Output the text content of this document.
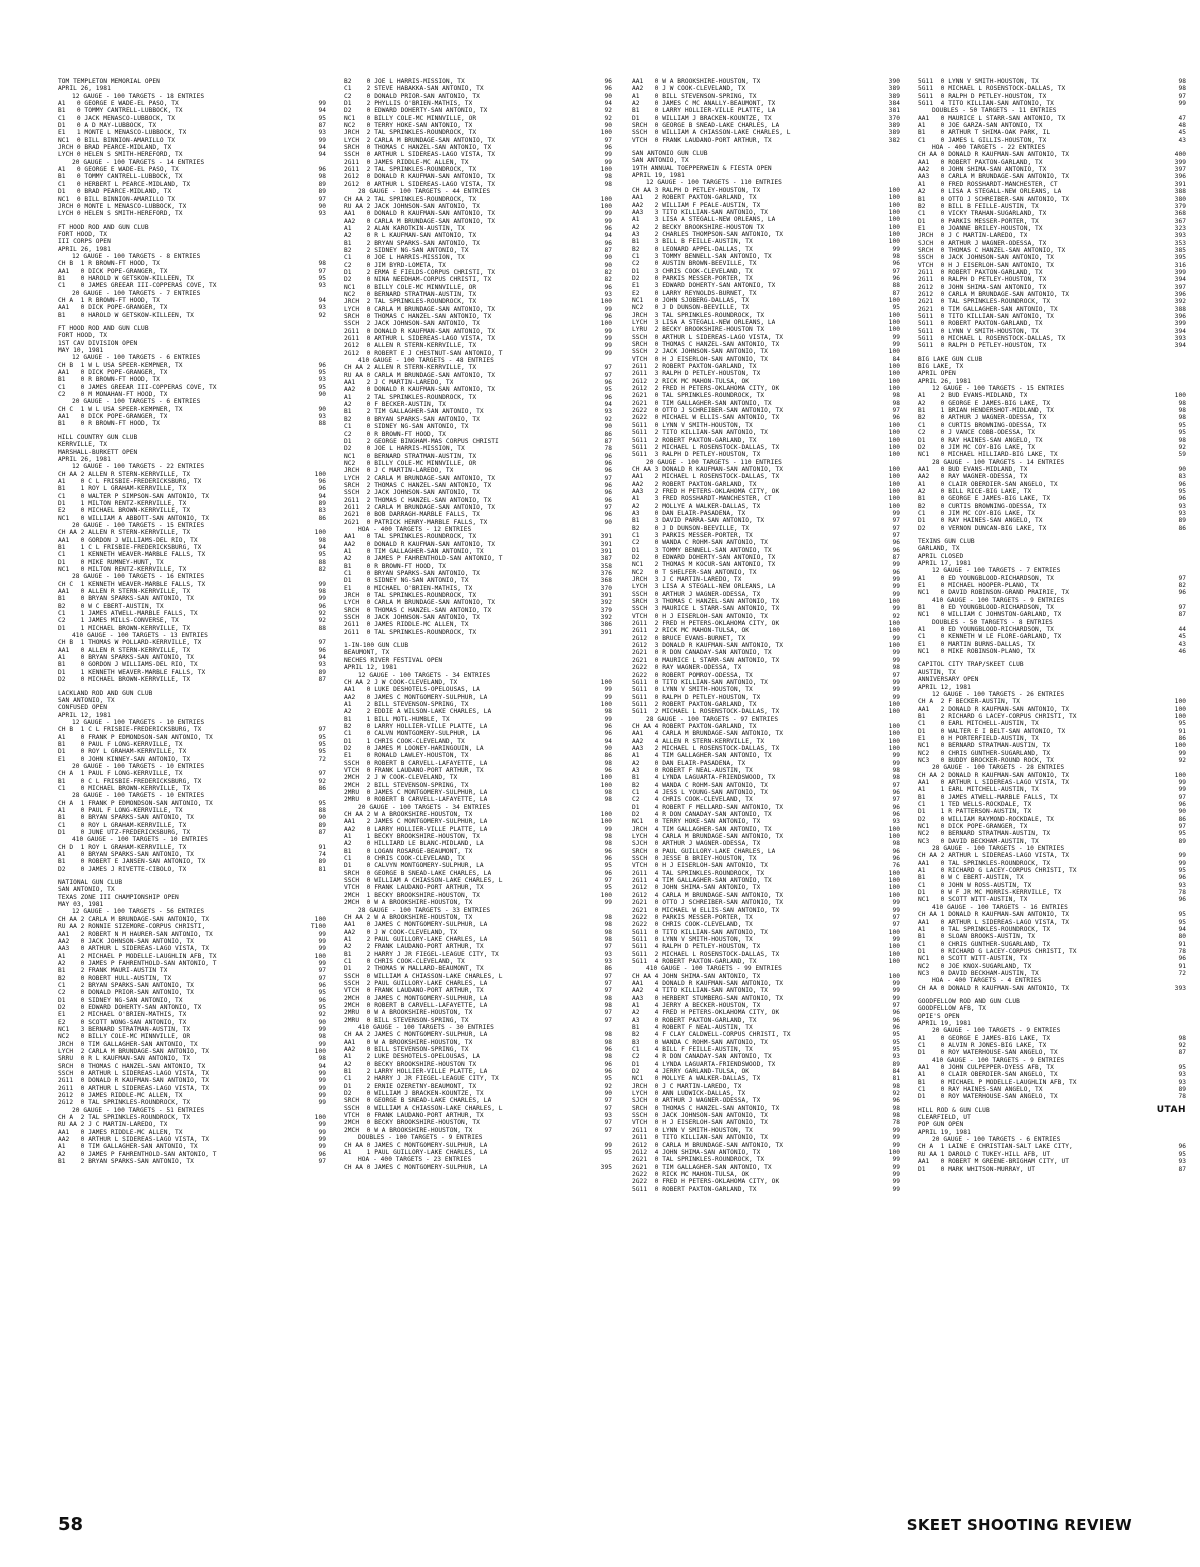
TOM TEMPLETON MEMORIAL OPEN
APRIL 26, 1981
12 GAUGE - 100 TARGETS - 18 ENTRIES
A1   0 GEORGE E WADE-EL PASO, TX	99
B1   0 TOMMY CANTRELL-LUBBOCK, TX	94
C1   0 JACK MENASCO-LUBBOCK, TX	95
D1   0 A D MAY-LUBBOCK, TX	87
E1   1 MONTE L MENASCO-LUBBOCK, TX	93
NC1  0 BILL BINNION-AMARILLO TX	99
JRCH 0 BRAD PEARCE-MIDLAND, TX	94
LYCH 0 HELEN S SMITH-HEREFORD, TX	94
20 GAUGE - 100 TARGETS - 14 ENTRIES
A1   0 GEORGE E WADE-EL PASO, TX	96
B1   0 TOMMY CANTRELL-LUBBOCK, TX	98
C1   0 HERBERT L PEARCE-MIDLAND, TX	89
D1   0 BRAD PEARCE-MIDLAND, TX	89
NC1  0 BILL BINNION-AMARILLO TX	97
JRCH 0 MONTE L MENASCO-LUBBOCK, TX	90
LYCH 0 HELEN S SMITH-HEREFORD, TX	93
FT HOOD ROD AND GUN CLUB
FORT HOOD, TX
III CORPS OPEN
APRIL 26, 1981
12 GAUGE - 100 TARGETS - 8 ENTRIES
CH B  1 R BROWN-FT HOOD, TX	98
AA1   0 DICK POPE-GRANGER, TX	97
B1    0 HAROLD W GETSKOW-KILLEEN, TX	95
C1    0 JAMES GREEAR III-COPPERAS COVE, TX	93
20 GAUGE - 100 TARGETS - 7 ENTRIES
CH A  1 R BROWN-FT HOOD, TX	94
AA1   0 DICK POPE-GRANGER, TX	93
B1    0 HAROLD W GETSKOW-KILLEEN, TX	92
FT HOOD ROD AND GUN CLUB
FORT HOOD, TX
1ST CAV DIVISION OPEN
MAY 10, 1981
12 GAUGE - 100 TARGETS - 6 ENTRIES
CH B  1 W L USA SPEER-KEMPNER, TX	96
AA1   0 DICK POPE-GRANGER, TX	95
B1    0 R BROWN-FT HOOD, TX	93
C1    0 JAMES GREEAR III-COPPERAS COVE, TX	95
C2    0 M MONAHAN-FT HOOD, TX	90
20 GAUGE - 100 TARGETS - 6 ENTRIES
CH C  1 W L USA SPEER-KEMPNER, TX	90
AA1   0 DICK POPE-GRANGER, TX	93
B1    0 R BROWN-FT HOOD, TX	88
HILL COUNTRY GUN CLUB
KERRVILLE, TX
MARSHALL-BURKETT OPEN
APRIL 26, 1981
12 GAUGE - 100 TARGETS - 22 ENTRIES
CH AA 2 ALLEN R STERN-KERRVILLE, TX	100
A1    0 C L FRISBIE-FREDERICKSBURG, TX	96
B1    1 ROY L GRAHAM-KERRVILLE, TX	96
C1    0 WALTER P SIMPSON-SAN ANTONIO, TX	94
D1    1 MILTON RENTZ-KERRVILLE, TX	89
E2    0 MICHAEL BROWN-KERRVILLE, TX	83
NC1   0 WILLIAM A ABBOTT-SAN ANTONIO, TX	86
20 GAUGE - 100 TARGETS - 15 ENTRIES
CH AA 2 ALLEN R STERN-KERRVILLE, TX	100
AA1   0 GORDON J WILLIAMS-DEL RIO, TX	98
B1    1 C L FRISBIE-FREDERICKSBURG, TX	94
C1    1 KENNETH WEAVER-MARBLE FALLS, TX	95
D1    0 MIKE RUMNEY-HUNT, TX	88
NC1   0 MILTON RENTZ-KERRVILLE, TX	82
28 GAUGE - 100 TARGETS - 16 ENTRIES
CH C  1 KENNETH WEAVER-MARBLE FALLS, TX	99
AA1   0 ALLEN R STERN-KERRVILLE, TX	98
B1    0 BRYAN SPARKS-SAN ANTONIO, TX	99
B2    0 W C EBERT-AUSTIN, TX	96
C1    1 JAMES ATWELL-MARBLE FALLS, TX	92
C2    1 JAMES MILLS-CONVERSE, TX	92
D1    1 MICHAEL BROWN-KERRVILLE, TX	88
410 GAUGE - 100 TARGETS - 13 ENTRIES
CH B  1 THOMAS W POLLARD-KERRVILLE, TX	97
AA1   0 ALLEN R STERN-KERRVILLE, TX	96
A1    0 BRYAN SPARKS-SAN ANTONIO, TX	94
B1    0 GORDON J WILLIAMS-DEL RIO, TX	93
D1    1 KENNETH WEAVER-MARBLE FALLS, TX	89
D2    0 MICHAEL BROWN-KERRVILLE, TX	87
LACKLAND ROD AND GUN CLUB
SAN ANTONIO, TX
CONFUSED OPEN
APRIL 12, 1981
12 GAUGE - 100 TARGETS - 10 ENTRIES
CH B  1 C L FRISBIE-FREDERICKSBURG, TX	97
A1    0 FRANK P EDMONDSON-SAN ANTONIO, TX	95
B1    0 PAUL F LONG-KERRVILLE, TX	95
D1    0 ROY L GRAHAM-KERRVILLE, TX	95
E1    0 JOHN KINNEY-SAN ANTONIO, TX	72
20 GAUGE - 100 TARGETS - 10 ENTRIES
CH A  1 PAUL F LONG-KERRVILLE, TX	97
B1    0 C L FRISBIE-FREDERICKSBURG, TX	92
C1    0 MICHAEL BROWN-KERRVILLE, TX	86
28 GAUGE - 100 TARGETS - 10 ENTRIES
CH A  1 FRANK P EDMONDSON-SAN ANTONIO, TX	95
A1    0 PAUL F LONG-KERRVILLE, TX	88
B1    0 BRYAN SPARKS-SAN ANTONIO, TX	90
C1    0 ROY L GRAHAM-KERRVILLE, TX	89
D1    0 JUNE UTZ-FREDERICKSBURG, TX	87
410 GAUGE - 100 TARGETS - 10 ENTRIES
CH D  1 ROY L GRAHAM-KERRVILLE, TX	91
A1    0 BRYAN SPARKS-SAN ANTONIO, TX	74
B1    0 ROBERT E JANSEN-SAN ANTONIO, TX	89
D2    0 JAMES J RIVETTE-CIBOLO, TX	81
NATIONAL GUN CLUB
SAN ANTONIO, TX
TEXAS ZONE III CHAMPIONSHIP OPEN
MAY 03, 1981
12 GAUGE - 100 TARGETS - 56 ENTRIES
CH AA 2 CARLA M BRUNDAGE-SAN ANTONIO, TX	100
RU AA 2 RONNIE SIZEMORE-CORPUS CHRISTI,	T100
AA1   2 ROBERT N M HAURER-SAN ANTONIO, TX	99
AA2   0 JACK JOHNSON-SAN ANTONIO, TX	99
AA3   0 ARTHUR L SIDEREAS-LAGO VISTA, TX	99
A1    2 MICHAEL P MODELLE-LAUGHLIN AFB, TX	100
A2    0 JAMES P FAHRENTHOLD-SAN ANTONIO, T	99
B1    2 FRANK MAURI-AUSTIN TX	97
B2    0 ROBERT HULL-AUSTIN, TX	97
C1    2 BRYAN SPARKS-SAN ANTONIO, TX	96
C2    0 DONALD PRIOR-SAN ANTONIO, TX	95
D1    0 SIDNEY NG-SAN ANTONIO, TX	96
D2    0 EDWARD DOHERTY-SAN ANTONIO, TX	95
E1    2 MICHAEL O'BRIEN-MATHIS, TX	92
E2    0 SCOTT WONG-SAN ANTONIO, TX	90
NC1   3 BERNARD STRATMAN-AUSTIN, TX	99
NC2   0 BILLY COLE-MC MINNVILLE, OR	98
JRCH  0 TIM GALLAGHER-SAN ANTONIO, TX	99
LYCH  2 CARLA M BRUNDAGE-SAN ANTONIO, TX	100
SRRU  0 R L KAUFMAN-SAN ANTONIO, TX	98
SRCH  0 THOMAS C HANZEL-SAN ANTONIO, TX	94
SSCH  0 ARTHUR L SIDEREAS-LAGO VISTA, TX	99
2G11  0 DONALD R KAUFMAN-SAN ANTONIO, TX	99
2G11  0 ARTHUR L SIDEREAS-LAGO VISTA, TX	99
2G12  0 JAMES RIDDLE-MC ALLEN, TX	99
2G12  0 TAL SPRINKLES-ROUNDROCK, TX	99
20 GAUGE - 100 TARGETS - 51 ENTRIES
CH A  2 TAL SPRINKLES-ROUNDROCK, TX	100
RU AA 2 J C MARTIN-LAREDO, TX	99
AA1   0 JAMES RIDDLE-MC ALLEN, TX	99
AA2   0 ARTHUR L SIDEREAS-LAGO VISTA, TX	99
A1    0 TIM GALLAGHER-SAN ANTONIO, TX	99
A2    0 JAMES P FAHRENTHOLD-SAN ANTONIO, T	96
B1    2 BRYAN SPARKS-SAN ANTONIO, TX	97
B2    0 JOE L HARRIS-MISSION, TX	96
C1    2 STEVE HABAKKA-SAN ANTONIO, TX	96
C2    0 DONALD PRIOR-SAN ANTONIO, TX	90
D1    2 PHYLLIS O'BRIEN-MATHIS, TX	94
D2    0 EDWARD DOHERTY-SAN ANTONIO, TX	92
NC1   0 BILLY COLE-MC MINNVILLE, OR	92
NC2   0 TERRY HOKE-SAN ANTONIO, TX	90
JRCH  2 TAL SPRINKLES-ROUNDROCK, TX	100
LYCH  2 CARLA M BRUNDAGE-SAN ANTONIO, TX	97
SRCH  0 THOMAS C HANZEL-SAN ANTONIO, TX	96
SSCH  0 ARTHUR L SIDEREAS-LAGO VISTA, TX	99
2G11  0 JAMES RIDDLE-MC ALLEN, TX	99
2G11  2 TAL SPRINKLES-ROUNDROCK, TX	100
2G12  0 DONALD R KAUFMAN-SAN ANTONIO, TX	98
2G12  0 ARTHUR L SIDEREAS-LAGO VISTA, TX	98
28 GAUGE - 100 TARGETS - 44 ENTRIES
CH AA 2 TAL SPRINKLES-ROUNDROCK, TX	100
RU AA 2 JACK JOHNSON-SAN ANTONIO, TX	100
AA1   0 DONALD R KAUFMAN-SAN ANTONIO, TX	99
AA2   0 CARLA M BRUNDAGE-SAN ANTONIO, TX	99
A1    2 ALAN KAROTKIN-AUSTIN, TX	96
A2    0 R L KAUFMAN-SAN ANTONIO, TX	94
B1    2 BRYAN SPARKS-SAN ANTONIO, TX	96
B2    2 SIDNEY NG-SAN ANTONIO, TX	87
C1    0 JOE L HARRIS-MISSION, TX	90
C2    0 JIM BYRD-LOMETA, TX	90
D1    2 ERMA E FIELDS-CORPUS CHRISTI, TX	82
D2    0 NINA NEEDHAM-CORPUS CHRISTI, TX	82
NC1   0 BILLY COLE-MC MINNVILLE, OR	96
NC2   0 BERNARD STRATMAN-AUSTIN, TX	93
JRCH  2 TAL SPRINKLES-ROUNDROCK, TX	100
LYCH  0 CARLA M BRUNDAGE-SAN ANTONIO, TX	99
SRCH  0 THOMAS C HANZEL-SAN ANTONIO, TX	96
SSCH  2 JACK JOHNSON-SAN ANTONIO, TX	100
2G11  0 DONALD R KAUFMAN-SAN ANTONIO, TX	99
2G11  0 ARTHUR L SIDEREAS-LAGO VISTA, TX	99
2G12  0 ALLEN R STERN-KERRVILLE, TX	99
2G12  0 ROBERT E J CHESTNUT-SAN ANTONIO, T	99
410 GAUGE - 100 TARGETS - 48 ENTRIES
CH AA 2 ALLEN R STERN-KERRVILLE, TX	97
RU AA 0 CARLA M BRUNDAGE-SAN ANTONIO, TX	97
AA1   2 J C MARTIN-LAREDO, TX	96
AA2   0 DONALD R KAUFMAN-SAN ANTONIO, TX	95
A1    2 TAL SPRINKLES-ROUNDROCK, TX	96
A2    0 F BECKER-AUSTIN, TX	94
B1    2 TIM GALLAGHER-SAN ANTONIO, TX	93
B2    0 BRYAN SPARKS-SAN ANTONIO, TX	92
C1    0 SIDNEY NG-SAN ANTONIO, TX	90
C2    0 R BROWN-FT HOOD, TX	86
D1    2 GEORGE BINGHAM-MAS CORPUS CHRISTI	87
D2    0 JOE L HARRIS-MISSION, TX	78
NC1   0 BERNARD STRATMAN-AUSTIN, TX	96
NC2   0 BILLY COLE-MC MINNVILLE, OR	96
JRCH  0 J C MARTIN-LAREDO, TX	96
LYCH  2 CARLA M BRUNDAGE-SAN ANTONIO, TX	97
SRCH  2 THOMAS C HANZEL-SAN ANTONIO, TX	96
SSCH  2 JACK JOHNSON-SAN ANTONIO, TX	96
2G11  2 THOMAS C HANZEL-SAN ANTONIO, TX	96
2G11  2 CARLA M BRUNDAGE-SAN ANTONIO, TX	97
2G21  0 BOB DARRAGH-MARBLE FALLS, TX	96
2G21  0 PATRICK HENRY-MARBLE FALLS, TX	90
HOA - 400 TARGETS - 12 ENTRIES
AA1   0 TAL SPRINKLES-ROUNDROCK, TX	391
AA2   0 DONALD R KAUFMAN-SAN ANTONIO, TX	391
A1    0 TIM GALLAGHER-SAN ANTONIO, TX	391
A2    0 JAMES P FAHRENTHOLD-SAN ANTONIO, T	387
B1    0 R BROWN-FT HOOD, TX	358
C1    0 BRYAN SPARKS-SAN ANTONIO, TX	376
D1    0 SIDNEY NG-SAN ANTONIO, TX	368
E1    0 MICHAEL O'BRIEN-MATHIS, TX	370
JRCH  0 TAL SPRINKLES-ROUNDROCK, TX	391
LYCH  0 CARLA M BRUNDAGE-SAN ANTONIO, TX	392
SRCH  0 THOMAS C HANZEL-SAN ANTONIO, TX	379
SSCH  0 JACK JOHNSON-SAN ANTONIO, TX	392
2G11  0 JAMES RIDDLE-MC ALLEN, TX	386
2G11  0 TAL SPRINKLES-ROUNDROCK, TX	391
1-IN-100 GUN CLUB
BEAUMONT, TX
NECHES RIVER FESTIVAL OPEN
APRIL 12, 1981
12 GAUGE - 100 TARGETS - 34 ENTRIES
CH AA 2 J W COOK-CLEVELAND, TX	100
AA1   0 LUKE DESHOTELS-OPELOUSAS, LA	99
AA2   0 JAMES C MONTGOMERY-SULPHUR, LA	99
A1    2 BILL STEVENSON-SPRING, TX	100
A2    2 EDDIE A WILSON-LAKE CHARLES, LA	98
B1    1 BILL MOTL-HUMBLE, TX	99
B2    0 LARRY HOLLIER-VILLE PLATTE, LA	96
C1    0 CALVN MONTGOMERY-SULPHUR, LA	96
D1    1 CHRIS COOK-CLEVELAND, TX	94
D2    0 JAMES M LOONEY-HARINGOUIN, LA	90
E1    0 RONALD LAWLEY-HOUSTON, TX	86
SSCH  0 ROBERT B CARVELL-LAFAYETTE, LA	98
VTCH  0 FRANK LAUDANO-PORT ARTHUR, TX	96
2MCH  2 J W COOK-CLEVELAND, TX	100
2MCH  2 BILL STEVENSON-SPRING, TX	100
2MRU  0 JAMES C MONTGOMERY-SULPHUR, LA	98
2MRU  0 ROBERT B CARVELL-LAFAYETTE, LA	98
20 GAUGE - 100 TARGETS - 34 ENTRIES
CH AA 2 W A BROOKSHIRE-HOUSTON, TX	100
AA1   2 JAMES C MONTGOMERY-SULPHUR, LA	100
AA2   0 LARRY HOLLIER-VILLE PLATTE, LA	99
A1    1 BECKY BROOKSHIRE-HOUSTON, TX	98
A2    0 HILLIARD LE BLANC-MIDLAND, LA	98
B1    0 LOGAN ROSARGE-BEAUMONT, TX	96
C1    0 CHRIS COOK-CLEVELAND, TX	96
D1    0 CALVYN MONTGOMERY-SULPHUR, LA	95
SRCH  0 GEORGE B SNEAD-LAKE CHARLES, LA	96
SSCH  0 WILLIAM A CHIASSON-LAKE CHARLES, L	97
VTCH  0 FRANK LAUDANO-PORT ARTHUR, TX	95
2MCH  1 BECKY BROOKSHIRE-HOUSTON, TX	100
2MCH  0 W A BROOKSHIRE-HOUSTON, TX	99
28 GAUGE - 100 TARGETS - 33 ENTRIES
CH AA 2 W A BROOKSHIRE-HOUSTON, TX	98
AA1   0 JAMES C MONTGOMERY-SULPHUR, LA	98
AA2   0 J W COOK-CLEVELAND, TX	98
A1    2 PAUL GUILLORY-LAKE CHARLES, LA	98
A2    2 FRANK LAUDANO-PORT ARTHUR, TX	97
B1    2 HARRY J JR FIEGEL-LEAGUE CITY, TX	93
C1    0 CHRIS COOK-CLEVELAND, TX	93
D1    2 THOMAS W MALLARD-BEAUMONT, TX	86
SSCH  0 WILLIAM A CHIASSON-LAKE CHARLES, L	97
SSCH  2 PAUL GUILLORY-LAKE CHARLES, LA	97
VTCH  0 FRANK LAUDANO-PORT ARTHUR, TX	97
2MCH  0 JAMES C MONTGOMERY-SULPHUR, LA	98
2MCH  0 ROBERT B CARVELL-LAFAYETTE, LA	98
2MRU  0 W A BROOKSHIRE-HOUSTON, TX	97
2MRU  0 BILL STEVENSON-SPRING, TX	97
410 GAUGE - 100 TARGETS - 30 ENTRIES
CH AA 2 JAMES C MONTGOMERY-SULPHUR, LA	98
AA1   0 W A BROOKSHIRE-HOUSTON, TX	98
AA2   0 BILL STEVENSON-SPRING, TX	96
A1    2 LUKE DESHOTELS-OPELOUSAS, LA	98
A2    0 BECKY BROOKSHIRE-HOUSTON TX	96
B1    2 LARRY HOLLIER-VILLE PLATTE, LA	96
C1    2 HARRY J JR FIEGEL-LEAGUE CITY, TX	95
D1    2 ERNIE OZERETNY-BEAUMONT, TX	92
D2    0 WILLIAM J BRACKEN-KOUNTZE, TX	90
SRCH  0 GEORGE B SNEAD-LAKE CHARLES, LA	97
SSCH  0 WILLIAM A CHIASSON-LAKE CHARLES, L	97
VTCH  0 FRANK LAUDANO-PORT ARTHUR, TX	93
2MCH  0 BECKY BROOKSHIRE-HOUSTON, TX	97
2MCH  0 W A BROOKSHIRE-HOUSTON, TX	97
DOUBLES - 100 TARGETS - 9 ENTRIES
CH AA 0 JAMES C MONTGOMERY-SULPHUR, LA	99
A1    1 PAUL GUILLORY-LAKE CHARLES, LA	95
HOA - 400 TARGETS - 23 ENTRIES
CH AA 0 JAMES C MONTGOMERY-SULPHUR, LA	395
AA1   0 W A BROOKSHIRE-HOUSTON, TX	390
AA2   0 J W COOK-CLEVELAND, TX	389
A1    0 BILL STEVENSON-SPRING, TX	389
A2    0 JAMES C MC ANALLY-BEAUMONT, TX	384
B1    0 LARRY HOLLIER-VILLE PLATTE, LA	381
D1    0 WILLIAM J BRACKEN-KOUNTZE, TX	370
SRCH  0 GEORGE B SNEAD-LAKE CHARLES, LA	389
SSCH  0 WILLIAM A CHIASSON-LAKE CHARLES, L	389
VTCH  0 FRANK LAUDANO-PORT ARTHUR, TX	382
SAN ANTONIO GUN CLUB
SAN ANTONIO, TX
19TH ANNUAL TOEPPERWEIN & FIESTA OPEN
APRIL 19, 1981
12 GAUGE - 100 TARGETS - 110 ENTRIES
CH AA 3 RALPH D PETLEY-HOUSTON, TX	100
AA1   2 ROBERT PAXTON-GARLAND, TX	100
AA2   2 WILLIAM F PEALE-AUSTIN, TX	100
AA3   3 TITO KILLIAN-SAN ANTONIO, TX	100
A1    3 LISA A STEGALL-NEW ORLEANS, LA	100
A2    2 BECKY BROOKSHIRE-HOUSTON TX	100
A3    2 CHARLES THOMPSON-SAN ANTONIO, TX	100
B1    3 BILL B FEILLE-AUSTIN, TX	100
B2    0 LEONARD APPEL-DALLAS, TX	99
C1    3 TOMMY BENNELL-SAN ANTONIO, TX	98
C2    0 AUSTIN BROWN-BEEVILLE, TX	96
D1    3 CHRIS COOK-CLEVELAND, TX	97
D2    0 PARKIS MESSER-PORTER, TX	96
E1    3 EDWARD DOHERTY-SAN ANTONIO, TX	88
E2    0 LARRY REYNOLDS-BURNET, TX	87
NC1   0 JOHN SJOBERG-DALLAS, TX	100
NC2   0 J D DUNSON-BEEVILLE, TX	95
JRCH  3 TAL SPRINKLES-ROUNDROCK, TX	100
LYCH  3 LISA A STEGALL-NEW ORLEANS, LA	100
LYRU  2 BECKY BROOKSHIRE-HOUSTON TX	100
SSCH  0 ARTHUR L SIDEREAS-LAGO VISTA, TX	99
SRCH  0 THOMAS C HANZEL-SAN ANTONIO, TX	99
SSCH  2 JACK JOHNSON-SAN ANTONIO, TX	100
VTCH  0 H J EISERLOH-SAN ANTONIO, TX	84
2G11  2 ROBERT PAXTON-GARLAND, TX	100
2G11  3 RALPH D PETLEY-HOUSTON, TX	100
2G12  2 RICK MC MAHON-TULSA, OK	100
2G12  2 FRED H PETERS-OKLAHOMA CITY, OK	100
2G21  0 TAL SPRINKLES-ROUNDROCK, TX	98
2G21  0 TIM GALLAGHER-SAN ANTONIO, TX	98
2G22  0 OTTO J SCHREIBER-SAN ANTONIO, TX	97
2G22  0 MICHAEL W ELLIS-SAN ANTONIO, TX	96
5G11  0 LYNN V SMITH-HOUSTON, TX	100
5G11  2 TITO KILLIAN-SAN ANTONIO, TX	100
5G11  2 ROBERT PAXTON-GARLAND, TX	100
5G11  2 MICHAEL L ROSENSTOCK-DALLAS, TX	100
5G11  3 RALPH D PETLEY-HOUSTON, TX	100
20 GAUGE - 100 TARGETS - 110 ENTRIES
CH AA 3 DONALD R KAUFMAN-SAN ANTONIO, TX	100
AA1   2 MICHAEL L ROSENSTOCK-DALLAS, TX	100
AA2   2 ROBERT PAXTON-GARLAND, TX	100
AA3   2 FRED H PETERS-OKLAHOMA CITY, OK	100
A1    3 FRED ROSSHARDT-MANCHESTER, CT	100
A2    2 MOLLYE A WALKER-DALLAS, TX	100
A3    0 DAN ELAIR-PASADENA, TX	99
B1    3 DAVID PARRA-SAN ANTONIO, TX	97
B2    0 J D DUNSON-BEEVILLE, TX	97
C1    3 PARKIS MESSER-PORTER, TX	97
C2    0 WANDA C ROHM-SAN ANTONIO, TX	96
D1    3 TOMMY BENNELL-SAN ANTONIO, TX	96
D2    0 EDWARD DOHERTY-SAN ANTONIO, TX	87
NC1   2 THOMAS M KOCUR-SAN ANTONIO, TX	99
NC2   0 T SHELFER-SAN ANTONIO, TX	96
JRCH  3 J C MARTIN-LAREDO, TX	99
LYCH  3 LISA A STEGALL-NEW ORLEANS, LA	99
SSCH  0 ARTHUR J WAGNER-ODESSA, TX	99
SRCH  3 THOMAS C HANZEL-SAN ANTONIO, TX	100
SSCH  3 MAURICE L STARR-SAN ANTONIO, TX	99
VTCH  0 H J EISERLOH-SAN ANTONIO, TX	92
2G11  2 FRED H PETERS-OKLAHOMA CITY, OK	100
2G11  2 RICK MC MAHON-TULSA, OK	100
2G12  0 BRUCE EVANS-BURNET, TX	99
2G12  3 DONALD R KAUFMAN-SAN ANTONIO, TX	100
2G21  0 R DON CANADAY-SAN ANTONIO, TX	99
2G21  0 MAURICE L STARR-SAN ANTONIO, TX	99
2G22  0 RAY WAGNER-ODESSA, TX	98
2G22  0 ROBERT POMROY-ODESSA, TX	97
5G11  0 TITO KILLIAN-SAN ANTONIO, TX	99
5G11  0 LYNN V SMITH-HOUSTON, TX	99
5G11  0 RALPH D PETLEY-HOUSTON, TX	99
5G11  2 ROBERT PAXTON-GARLAND, TX	100
5G11  2 MICHAEL L ROSENSTOCK-DALLAS, TX	100
28 GAUGE - 100 TARGETS - 97 ENTRIES
CH AA 4 ROBERT PAXTON-GARLAND, TX	100
AA1   4 CARLA M BRUNDAGE-SAN ANTONIO, TX	100
AA2   4 ALLEN R STERN-KERRVILLE, TX	100
AA3   2 MICHAEL L ROSENSTOCK-DALLAS, TX	100
A1    4 TIM GALLAGHER-SAN ANTONIO, TX	99
A2    0 DAN ELAIR-PASADENA, TX	99
A3    0 ROBERT F NEAL-AUSTIN, TX	98
B1    4 LYNDA LAGUARTA-FRIENDSWOOD, TX	98
B2    4 WANDA C ROHM-SAN ANTONIO, TX	97
C1    4 JESS L YOUNG-SAN ANTONIO, TX	96
C2    4 CHRIS COOK-CLEVELAND, TX	97
D1    4 ROBERT F MELLARD-SAN ANTONIO, TX	96
D2    4 R DON CANADAY-SAN ANTONIO, TX	96
NC1   0 TERRY HOKE-SAN ANTONIO, TX	93
JRCH  4 TIM GALLAGHER-SAN ANTONIO, TX	100
LYCH  4 CARLA M BRUNDAGE-SAN ANTONIO, TX	100
SJCH  0 ARTHUR J WAGNER-ODESSA, TX	98
SRCH  0 PAUL GUILLORY-LAKE CHARLES, LA	96
SSCH  0 JESSE B BRIEY-HOUSTON, TX	96
VTCH  0 H J EISERLOH-SAN ANTONIO, TX	76
2G11  4 TAL SPRINKLES-ROUNDROCK, TX	100
2G11  4 TIM GALLAGHER-SAN ANTONIO, TX	100
2G12  0 JOHN SHIMA-SAN ANTONIO, TX	100
2G12  4 CARLA M BRUNDAGE-SAN ANTONIO, TX	100
2G21  0 OTTO J SCHREIBER-SAN ANTONIO, TX	99
2G21  0 MICHAEL W ELLIS-SAN ANTONIO, TX	99
2G22  0 PARKIS MESSER-PORTER, TX	97
2G22  0 CHRIS COOK-CLEVELAND, TX	97
5G11  0 TITO KILLIAN-SAN ANTONIO, TX	100
5G11  0 LYNN V SMITH-HOUSTON, TX	99
5G11  4 RALPH D PETLEY-HOUSTON, TX	100
5G11  2 MICHAEL L ROSENSTOCK-DALLAS, TX	100
5G11  4 ROBERT PAXTON-GARLAND, TX	100
410 GAUGE - 100 TARGETS - 99 ENTRIES
CH AA 4 JOHN SHIMA-SAN ANTONIO, TX	100
AA1   4 DONALD R KAUFMAN-SAN ANTONIO, TX	99
AA2   4 TITO KILLIAN-SAN ANTONIO, TX	99
AA3   0 HERBERT STUMBERG-SAN ANTONIO, TX	99
A1    4 JERRY A BECKER-HOUSTON, TX	97
A2    4 FRED H PETERS-OKLAHOMA CITY, OK	96
A3    0 ROBERT PAXTON-GARLAND, TX	96
B1    4 ROBERT F NEAL-AUSTIN, TX	96
B2    4 F CLAY CALDWELL-CORPUS CHRISTI, TX	95
B3    0 WANDA C ROHM-SAN ANTONIO, TX	95
C1    4 BILL F FEILLE-AUSTIN, TX	95
C2    4 R DON CANADAY-SAN ANTONIO, TX	93
D1    4 LYNDA LAGUARTA-FRIENDSWOOD, TX	89
D2    4 JERRY GARLAND-TULSA, OK	84
NC1   0 MOLLYE A WALKER-DALLAS, TX	81
JRCH  0 J C MARTIN-LAREDO, TX	98
LYCH  0 ANN LUDWICK-DALLAS, TX	92
SJCH  0 ARTHUR J WAGNER-ODESSA, TX	96
SRCH  0 THOMAS C HANZEL-SAN ANTONIO, TX	98
SSCH  0 JACK JOHNSON-SAN ANTONIO, TX	98
VTCH  0 H J EISERLOH-SAN ANTONIO, TX	78
2G11  0 LYNN V SMITH-HOUSTON, TX	99
2G11  0 TITO KILLIAN-SAN ANTONIO, TX	99
2G12  0 CARLA M BRUNDAGE-SAN ANTONIO, TX	99
2G12  4 JOHN SHIMA-SAN ANTONIO, TX	100
2G21  0 TAL SPRINKLES-ROUNDROCK, TX	99
2G21  0 TIM GALLAGHER-SAN ANTONIO, TX	99
2G22  0 RICK MC MAHON-TULSA, OK	99
2G22  0 FRED H PETERS-OKLAHOMA CITY, OK	99
5G11  0 ROBERT PAXTON-GARLAND, TX	99
5G11  0 LYNN V SMITH-HOUSTON, TX	98
5G11  0 MICHAEL L ROSENSTOCK-DALLAS, TX	98
5G11  0 RALPH D PETLEY-HOUSTON, TX	97
5G11  4 TITO KILLIAN-SAN ANTONIO, TX	99
DOUBLES - 50 TARGETS - 11 ENTRIES
AA1   0 MAURICE L STARR-SAN ANTONIO, TX	47
A1    0 JOE GARZA-SAN ANTONIO, TX	48
B1    0 ARTHUR T SHIMA-OAK PARK, IL	45
C1    0 JAMES L GILLIS-HOUSTON, TX	43
HOA - 400 TARGETS - 22 ENTRIES
CH AA 0 DONALD R KAUFMAN-SAN ANTONIO, TX	400
AA1   0 ROBERT PAXTON-GARLAND, TX	399
AA2   0 JOHN SHIMA-SAN ANTONIO, TX	397
AA3   0 CARLA M BRUNDAGE-SAN ANTONIO, TX	396
A1    0 FRED ROSSHARDT-MANCHESTER, CT	391
A2    0 LISA A STEGALL-NEW ORLEANS, LA	388
B1    0 OTTO J SCHREIBER-SAN ANTONIO, TX	380
B2    0 BILL B FEILLE-AUSTIN, TX	379
C1    0 VICKY TRAHAN-SUGARLAND, TX	368
D1    0 PARKIS MESSER-PORTER, TX	367
E1    0 JOANNE BRILEY-HOUSTON, TX	323
JRCH  0 J C MARTIN-LAREDO, TX	393
SJCH  0 ARTHUR J WAGNER-ODESSA, TX	353
SRCH  0 THOMAS C HANZEL-SAN ANTONIO, TX	385
SSCH  0 JACK JOHNSON-SAN ANTONIO, TX	395
VTCH  0 H J EISERLOH-SAN ANTONIO, TX	316
2G11  0 ROBERT PAXTON-GARLAND, TX	399
2G11  0 RALPH D PETLEY-HOUSTON, TX	394
2G12  0 JOHN SHIMA-SAN ANTONIO, TX	397
2G12  0 CARLA M BRUNDAGE-SAN ANTONIO, TX	396
2G21  0 TAL SPRINKLES-ROUNDROCK, TX	392
2G21  0 TIM GALLAGHER-SAN ANTONIO, TX	388
5G11  0 TITO KILLIAN-SAN ANTONIO, TX	396
5G11  0 ROBERT PAXTON-GARLAND, TX	399
5G11  0 LYNN V SMITH-HOUSTON, TX	394
5G11  0 MICHAEL L ROSENSTOCK-DALLAS, TX	393
5G11  0 RALPH D PETLEY-HOUSTON, TX	394
BIG LAKE GUN CLUB
BIG LAKE, TX
APRIL OPEN
APRIL 26, 1981
12 GAUGE - 100 TARGETS - 15 ENTRIES
A1    2 BUD EVANS-MIDLAND, TX	100
A2    0 GEORGE E JAMES-BIG LAKE, TX	98
B1    1 BRIAN HENDERSHOT-MIDLAND, TX	98
B2    0 ARTHUR J WAGNER-ODESSA, TX	98
C1    0 CURTIS BROWNING-ODESSA, TX	95
C2    0 J VANCE COBB-ODESSA, TX	95
D1    0 RAY HAINES-SAN ANGELO, TX	98
D2    0 JIM MC COY-BIG LAKE, TX	92
NC1   0 MICHAEL HILLIARD-BIG LAKE, TX	59
28 GAUGE - 100 TARGETS - 14 ENTRIES
AA1   0 BUD EVANS-MIDLAND, TX	90
AA2   0 RAY WAGNER-ODESSA, TX	83
A1    0 CLAIR OBERDIER-SAN ANGELO, TX	96
A2    0 BILL RICE-BIG LAKE, TX	95
B1    0 GEORGE E JAMES-BIG LAKE, TX	96
B2    0 CURTIS BROWNING-ODESSA, TX	93
C1    0 JIM MC COY-BIG LAKE, TX	93
D1    0 RAY HAINES-SAN ANGELO, TX	89
D2    0 VERNON DUNCAN-BIG LAKE, TX	86
TEXINS GUN CLUB
GARLAND, TX
APRIL CLOSED
APRIL 17, 1981
12 GAUGE - 100 TARGETS - 7 ENTRIES
A1    0 ED YOUNGBLOOD-RICHARDSON, TX	97
E1    0 MICHAEL HOOPER-PLANO, TX	82
NC1   0 DAVID ROBINSON-GRAND PRAIRIE, TX	96
410 GAUGE - 100 TARGETS - 9 ENTRIES
B1    0 ED YOUNGBLOOD-RICHARDSON, TX	97
NC1   0 WILLIAM C JOHNSTON-GARLAND, TX	87
DOUBLES - 50 TARGETS - 8 ENTRIES
A1    0 ED YOUNGBLOOD-RICHARDSON, TX	44
C1    0 KENNETH W LE FLORE-GARLAND, TX	45
E1    0 MARTIN BURNS-DALLAS, TX	43
NC1   0 MIKE ROBINSON-PLANO, TX	46
CAPITOL CITY TRAP/SKEET CLUB
AUSTIN, TX
ANNIVERSARY OPEN
APRIL 12, 1981
12 GAUGE - 100 TARGETS - 26 ENTRIES
CH A  2 F BECKER-AUSTIN, TX	100
AA1   2 DONALD R KAUFMAN-SAN ANTONIO, TX	100
B1    2 RICHARD G LACEY-CORPUS CHRISTI, TX	100
C1    0 EARL MITCHELL-AUSTIN, TX	95
D1    0 WALTER E I BELT-SAN ANTONIO, TX	91
E1    0 H PORTERFIELD-AUSTIN, TX	86
NC1   0 BERNARD STRATMAN-AUSTIN, TX	100
NC2   0 CHRIS GUNTHER-SUGARLAND, TX	99
NC3   0 BUDDY BROCKER-ROUND ROCK, TX	92
20 GAUGE - 100 TARGETS - 28 ENTRIES
CH AA 2 DONALD R KAUFMAN-SAN ANTONIO, TX	100
AA1   0 ARTHUR L SIDEREAS-LAGO VISTA, TX	99
A1    1 EARL MITCHELL-AUSTIN, TX	99
B1    0 JAMES ATWELL-MARBLE FALLS, TX	97
C1    1 TED WELLS-ROCKDALE, TX	96
D1    1 R PATTERSON-AUSTIN, TX	90
D2    0 WILLIAM RAYMOND-ROCKDALE, TX	86
NC1   0 DICK POPE-GRANGER, TX	97
NC2   0 BERNARD STRATMAN-AUSTIN, TX	95
NC3   0 DAVID BECKHAM-AUSTIN, TX	89
28 GAUGE - 100 TARGETS - 10 ENTRIES
CH AA 2 ARTHUR L SIDEREAS-LAGO VISTA, TX	99
AA1   0 TAL SPRINKLES-ROUNDROCK, TX	99
A1    0 RICHARD G LACEY-CORPUS CHRISTI, TX	95
B1    0 W C EBERT-AUSTIN, TX	96
C1    0 JOHN W ROSS-AUSTIN, TX	93
D1    0 W F JR MC MORRIS-KERRVILLE, TX	78
NC1   0 SCOTT WITT-AUSTIN, TX	96
410 GAUGE - 100 TARGETS - 16 ENTRIES
CH AA 1 DONALD R KAUFMAN-SAN ANTONIO, TX	95
AA1   0 ARTHUR L SIDEREAS-LAGO VISTA, TX	95
A1    0 TAL SPRINKLES-ROUNDROCK, TX	94
B1    0 SLOAN BROOKS-AUSTIN, TX	80
C1    0 CHRIS GUNTHER-SUGARLAND, TX	91
D1    0 RICHARD G LACEY-CORPUS CHRISTI, TX	78
NC1   0 SCOTT WITT-AUSTIN, TX	96
NC2   0 JOE KNOX-SUGARLAND, TX	91
NC3   0 DAVID BECKHAM-AUSTIN, TX	72
HOA - 400 TARGETS - 4 ENTRIES
CH AA 0 DONALD R KAUFMAN-SAN ANTONIO, TX	393
GOODFELLOW ROD AND GUN CLUB
GOODFELLOW AFB, TX
OPIE'S OPEN
APRIL 19, 1981
20 GAUGE - 100 TARGETS - 9 ENTRIES
A1    0 GEORGE E JAMES-BIG LAKE, TX	98
C1    0 ALVIN R JONES-BIG LAKE, TX	92
D1    0 ROY WATERHOUSE-SAN ANGELO, TX	87
410 GAUGE - 100 TARGETS - 9 ENTRIES
AA1   0 JOHN CULPEPPER-DYESS AFB, TX	95
A1    0 CLAIR OBERDIER-SAN ANGELO, TX	93
B1    0 MICHAEL P MODELLE-LAUGHLIN AFB, TX	93
C1    0 RAY HAINES-SAN ANGELO, TX	89
D1    0 ROY WATERHOUSE-SAN ANGELO, TX	78
HILL ROD & GUN CLUB
CLEARFIELD, UT
POP GUN OPEN
APRIL 19, 1981
UTAH
20 GAUGE - 100 TARGETS - 6 ENTRIES
CH A  1 LAINE E CHRISTIAN-SALT LAKE CITY,	96
RU AA 1 DAROLD C TUKEY-HILL AFB, UT	95
AA1   0 ROBERT M GREENE-BRIGHAM CITY, UT	93
D1    0 MARK WHITSON-MURRAY, UT	87
58	SKEET SHOOTING REVIEW
